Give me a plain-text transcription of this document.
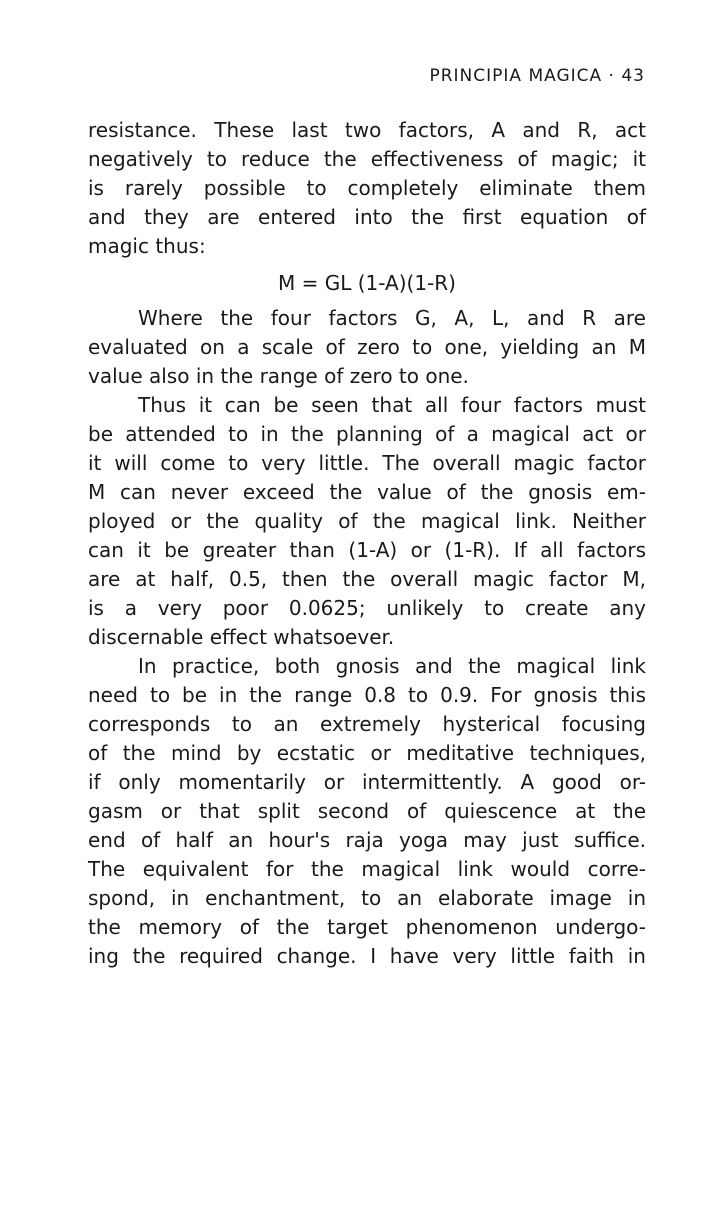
PRINCIPIA MAGICA · 43
resistance. These last two factors, A and R, act
negatively to reduce the effectiveness of magic; it
is rarely possible to completely eliminate them
and they are entered into the first equation of
magic thus:
M = GL (1-A)(1-R)
Where the four factors G, A, L, and R are
evaluated on a scale of zero to one, yielding an M
value also in the range of zero to one.
Thus it can be seen that all four factors must
be attended to in the planning of a magical act or
it will come to very little. The overall magic factor
M can never exceed the value of the gnosis em-
ployed or the quality of the magical link. Neither
can it be greater than (1-A) or (1-R). If all factors
are at half, 0.5, then the overall magic factor M,
is a very poor 0.0625; unlikely to create any
discernable effect whatsoever.
In practice, both gnosis and the magical link
need to be in the range 0.8 to 0.9. For gnosis this
corresponds to an extremely hysterical focusing
of the mind by ecstatic or meditative techniques,
if only momentarily or intermittently. A good or-
gasm or that split second of quiescence at the
end of half an hour's raja yoga may just suffice.
The equivalent for the magical link would corre-
spond, in enchantment, to an elaborate image in
the memory of the target phenomenon undergo-
ing the required change. I have very little faith in
